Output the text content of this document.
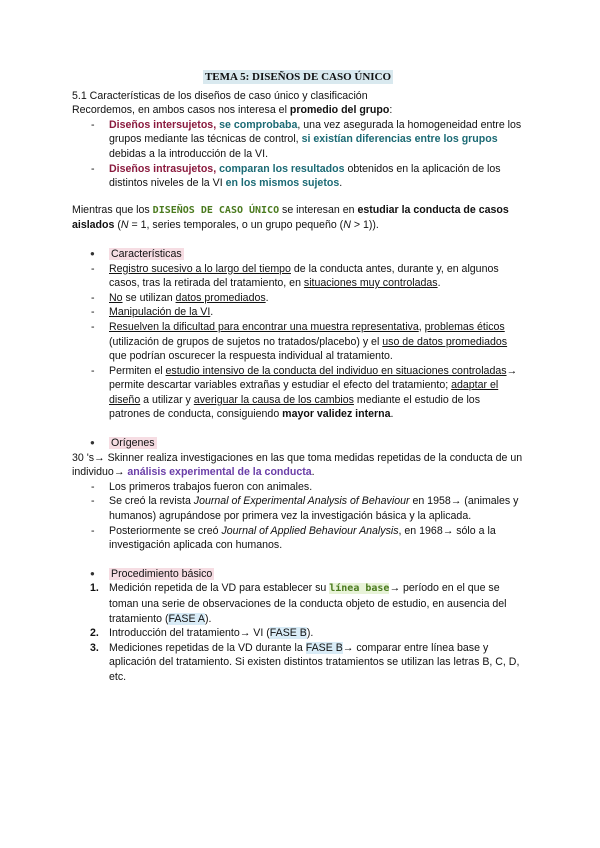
TEMA 5: DISEÑOS DE CASO ÚNICO

5.1 Características de los diseños de caso único y clasificación

Recordemos, en ambos casos nos interesa el promedio del grupo:

- Diseños intersujetos, se comprobaba, una vez asegurada la homogeneidad entre los grupos mediante las técnicas de control, si existían diferencias entre los grupos debidas a la introducción de la VI.
- Diseños intrasujetos, comparan los resultados obtenidos en la aplicación de los distintos niveles de la VI en los mismos sujetos.

Mientras que los DISEÑOS DE CASO ÚNICO se interesan en estudiar la conducta de casos aislados (N = 1, series temporales, o un grupo pequeño (N > 1)).

● Características
- Registro sucesivo a lo largo del tiempo de la conducta antes, durante y, en algunos casos, tras la retirada del tratamiento, en situaciones muy controladas.
- No se utilizan datos promediados.
- Manipulación de la VI.
- Resuelven la dificultad para encontrar una muestra representativa, problemas éticos (utilización de grupos de sujetos no tratados/placebo) y el uso de datos promediados que podrían oscurecer la respuesta individual al tratamiento.
- Permiten el estudio intensivo de la conducta del individuo en situaciones controladas→ permite descartar variables extrañas y estudiar el efecto del tratamiento; adaptar el diseño a utilizar y averiguar la causa de los cambios mediante el estudio de los patrones de conducta, consiguiendo mayor validez interna.
● Orígenes

30 's→ Skinner realiza investigaciones en las que toma medidas repetidas de la conducta de un individuo→ análisis experimental de la conducta.

- Los primeros trabajos fueron con animales.
- Se creó la revista Journal of Experimental Analysis of Behaviour en 1958→ (animales y humanos) agrupándose por primera vez la investigación básica y la aplicada.
- Posteriormente se creó Journal of Applied Behaviour Analysis, en 1968→ sólo a la investigación aplicada con humanos.
● Procedimiento básico
1. Medición repetida de la VD para establecer su línea base→ período en el que se toman una serie de observaciones de la conducta objeto de estudio, en ausencia del tratamiento (FASE A).
2. Introducción del tratamiento→ VI (FASE B).
3. Mediciones repetidas de la VD durante la FASE B→ comparar entre línea base y aplicación del tratamiento. Si existen distintos tratamientos se utilizan las letras B, C, D, etc.
